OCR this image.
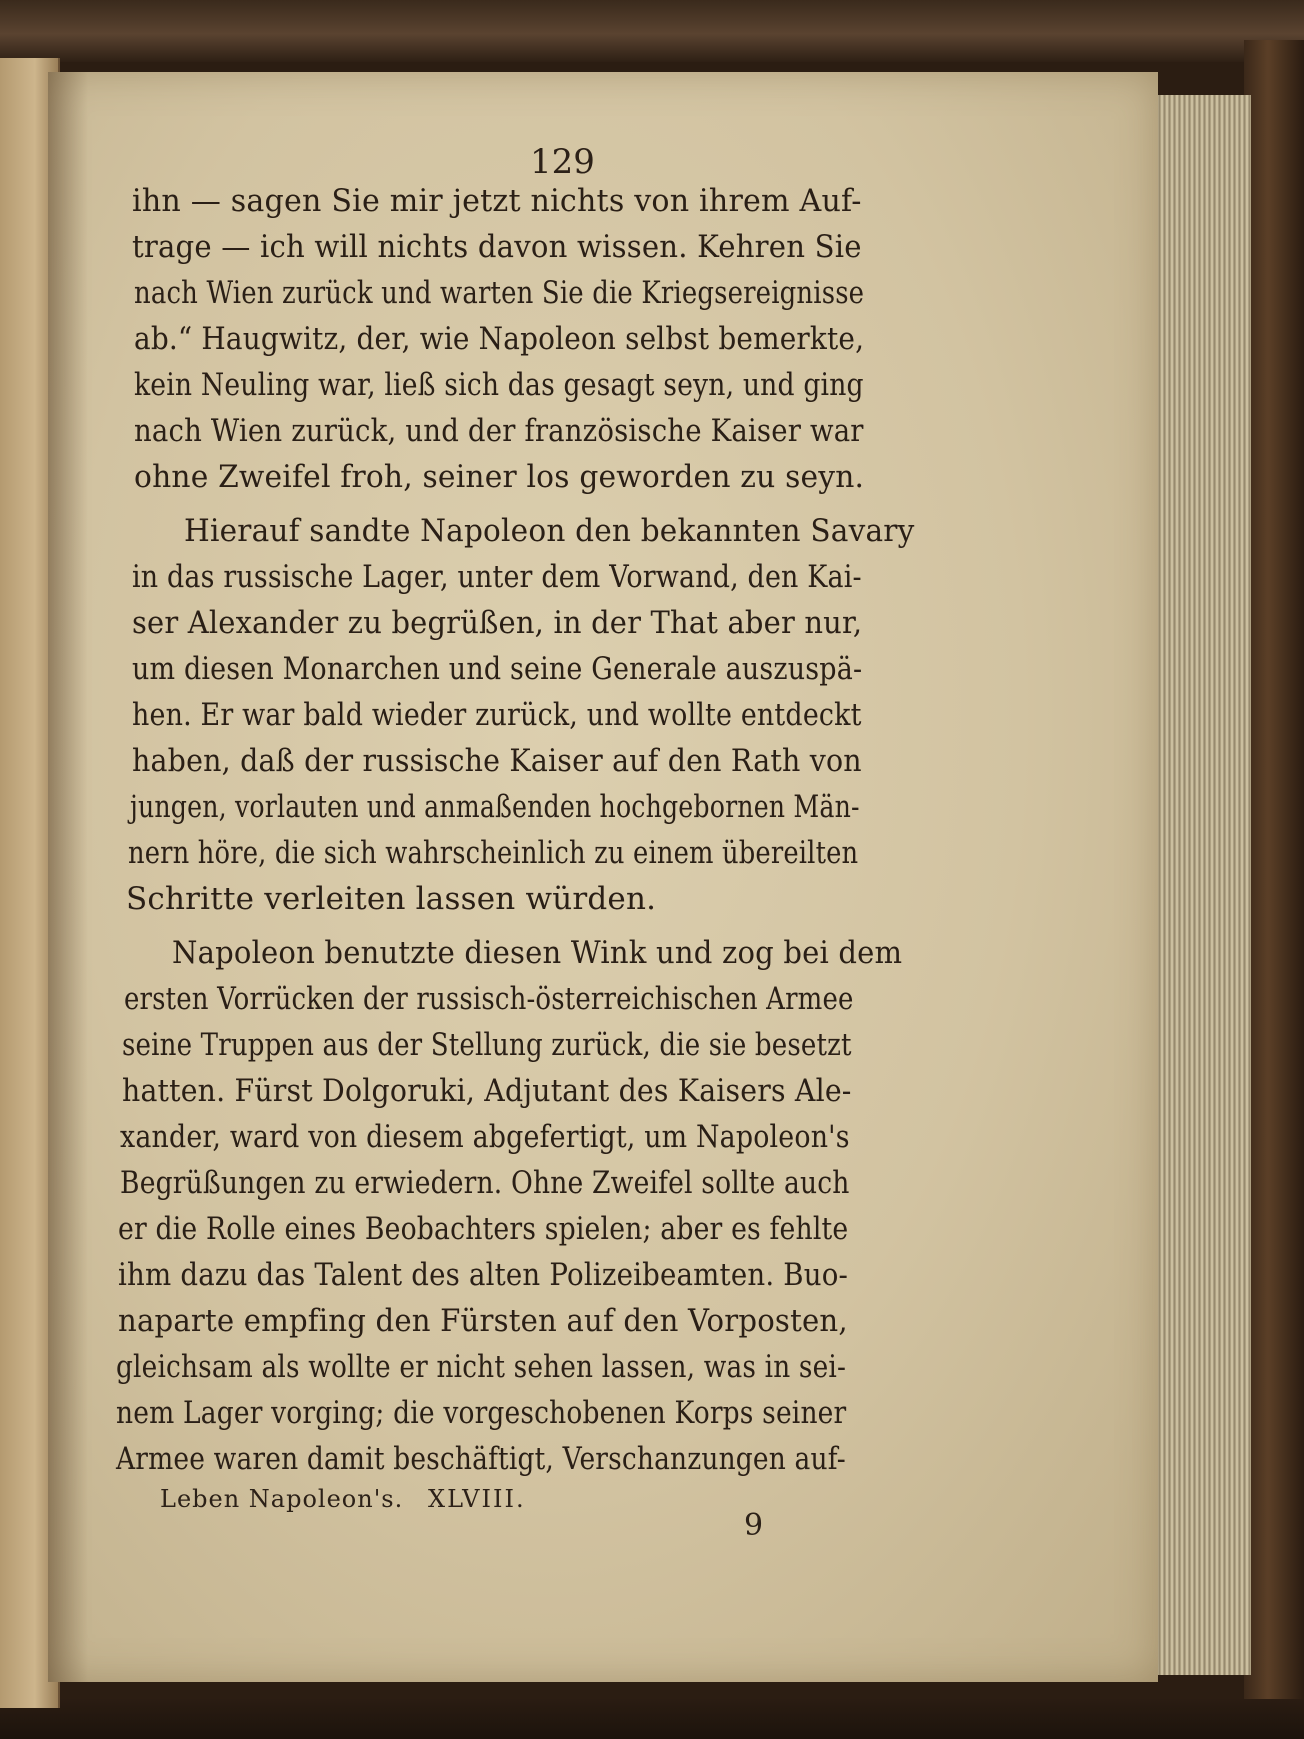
129
ihn — sagen Sie mir jetzt nichts von ihrem Auf-
trage — ich will nichts davon wissen. Kehren Sie
nach Wien zurück und warten Sie die Kriegsereignisse
ab.“ Haugwitz, der, wie Napoleon selbst bemerkte,
kein Neuling war, ließ sich das gesagt seyn, und ging
nach Wien zurück, und der französische Kaiser war
ohne Zweifel froh, seiner los geworden zu seyn.
Hierauf sandte Napoleon den bekannten Savary
in das russische Lager, unter dem Vorwand, den Kai-
ser Alexander zu begrüßen, in der That aber nur,
um diesen Monarchen und seine Generale auszuspä-
hen. Er war bald wieder zurück, und wollte entdeckt
haben, daß der russische Kaiser auf den Rath von
jungen, vorlauten und anmaßenden hochgebornen Män-
nern höre, die sich wahrscheinlich zu einem übereilten
Schritte verleiten lassen würden.
Napoleon benutzte diesen Wink und zog bei dem
ersten Vorrücken der russisch-österreichischen Armee
seine Truppen aus der Stellung zurück, die sie besetzt
hatten. Fürst Dolgoruki, Adjutant des Kaisers Ale-
xander, ward von diesem abgefertigt, um Napoleon's
Begrüßungen zu erwiedern. Ohne Zweifel sollte auch
er die Rolle eines Beobachters spielen; aber es fehlte
ihm dazu das Talent des alten Polizeibeamten. Buo-
naparte empfing den Fürsten auf den Vorposten,
gleichsam als wollte er nicht sehen lassen, was in sei-
nem Lager vorging; die vorgeschobenen Korps seiner
Armee waren damit beschäftigt, Verschanzungen auf-
Leben Napoleon's. XLVIII.
9
